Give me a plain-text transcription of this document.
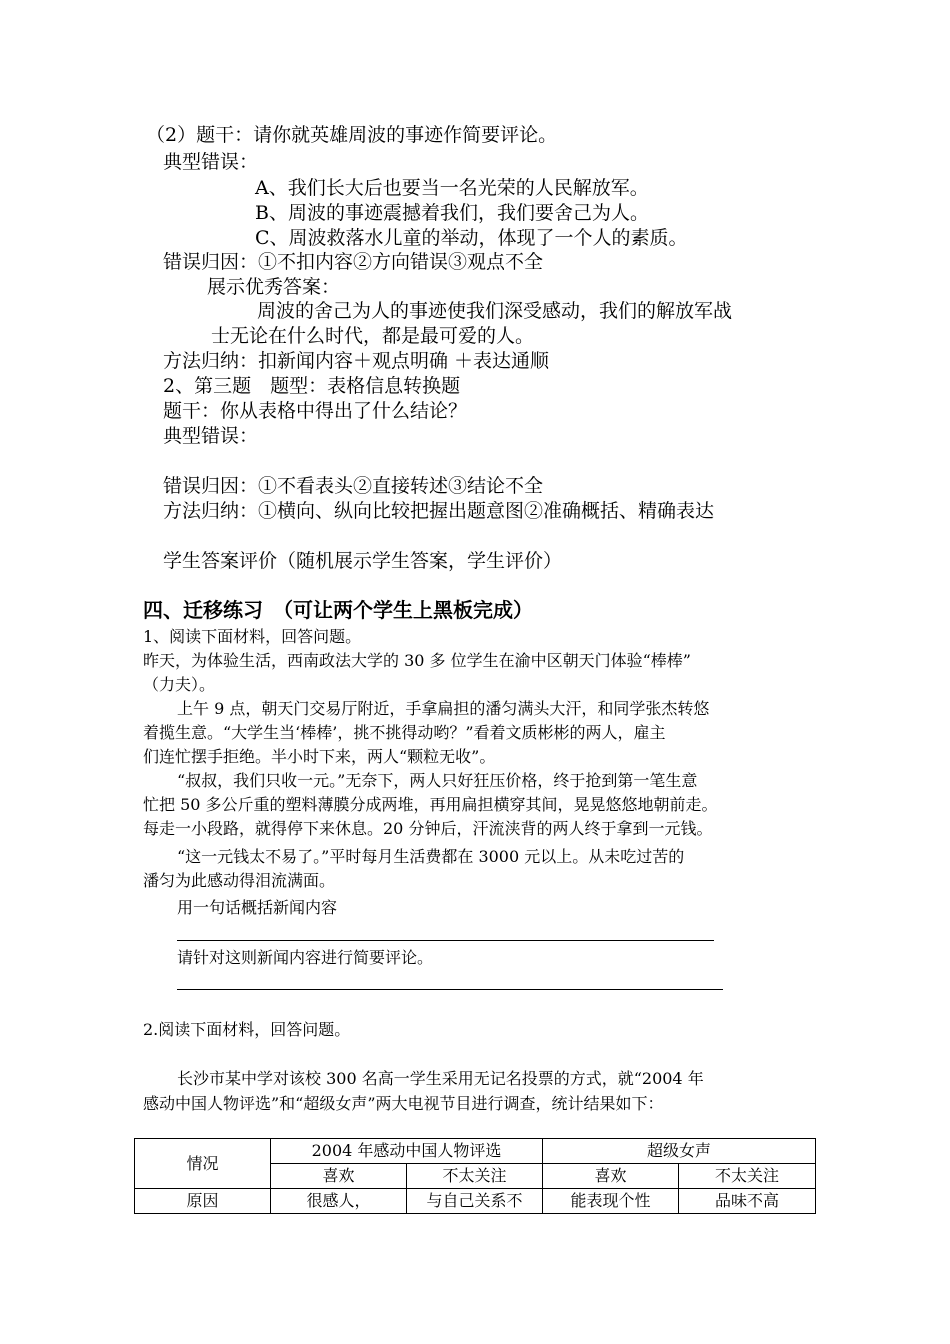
（2）题干：请你就英雄周波的事迹作简要评论。
典型错误：
A、我们长大后也要当一名光荣的人民解放军。
B、周波的事迹震撼着我们，我们要舍己为人。
C、周波救落水儿童的举动，体现了一个人的素质。
错误归因：①不扣内容②方向错误③观点不全
展示优秀答案：
周波的舍己为人的事迹使我们深受感动，我们的解放军战
士无论在什么时代，都是最可爱的人。
方法归纳：扣新闻内容＋观点明确 ＋表达通顺
2、第三题　题型：表格信息转换题
题干：你从表格中得出了什么结论？
典型错误：
错误归因：①不看表头②直接转述③结论不全
方法归纳：①横向、纵向比较把握出题意图②准确概括、精确表达
学生答案评价（随机展示学生答案，学生评价）
四、迁移练习　（可让两个学生上黑板完成）
1、阅读下面材料，回答问题。
昨天，为体验生活，西南政法大学的 30 多 位学生在渝中区朝天门体验“棒棒”
（力夫）。
上午 9 点，朝天门交易厅附近，手拿扁担的潘匀满头大汗，和同学张杰转悠
着揽生意。“大学生当‘棒棒’，挑不挑得动哟？”看着文质彬彬的两人，雇主
们连忙摆手拒绝。半小时下来，两人“颗粒无收”。
“叔叔，我们只收一元。”无奈下，两人只好狂压价格，终于抢到第一笔生意
忙把 50 多公斤重的塑料薄膜分成两堆，再用扁担横穿其间，晃晃悠悠地朝前走。
每走一小段路，就得停下来休息。20 分钟后，汗流浃背的两人终于拿到一元钱。
“这一元钱太不易了。”平时每月生活费都在 3000 元以上。从未吃过苦的
潘匀为此感动得泪流满面。
用一句话概括新闻内容
请针对这则新闻内容进行简要评论。
2.阅读下面材料，回答问题。
长沙市某中学对该校 300 名高一学生采用无记名投票的方式，就“2004 年
感动中国人物评选”和“超级女声”两大电视节目进行调查，统计结果如下：
情况	2004 年感动中国人物评选		超级女声	
	喜欢	不太关注	喜欢	不太关注
原因	很感人，	与自己关系不	能表现个性	品味不高
